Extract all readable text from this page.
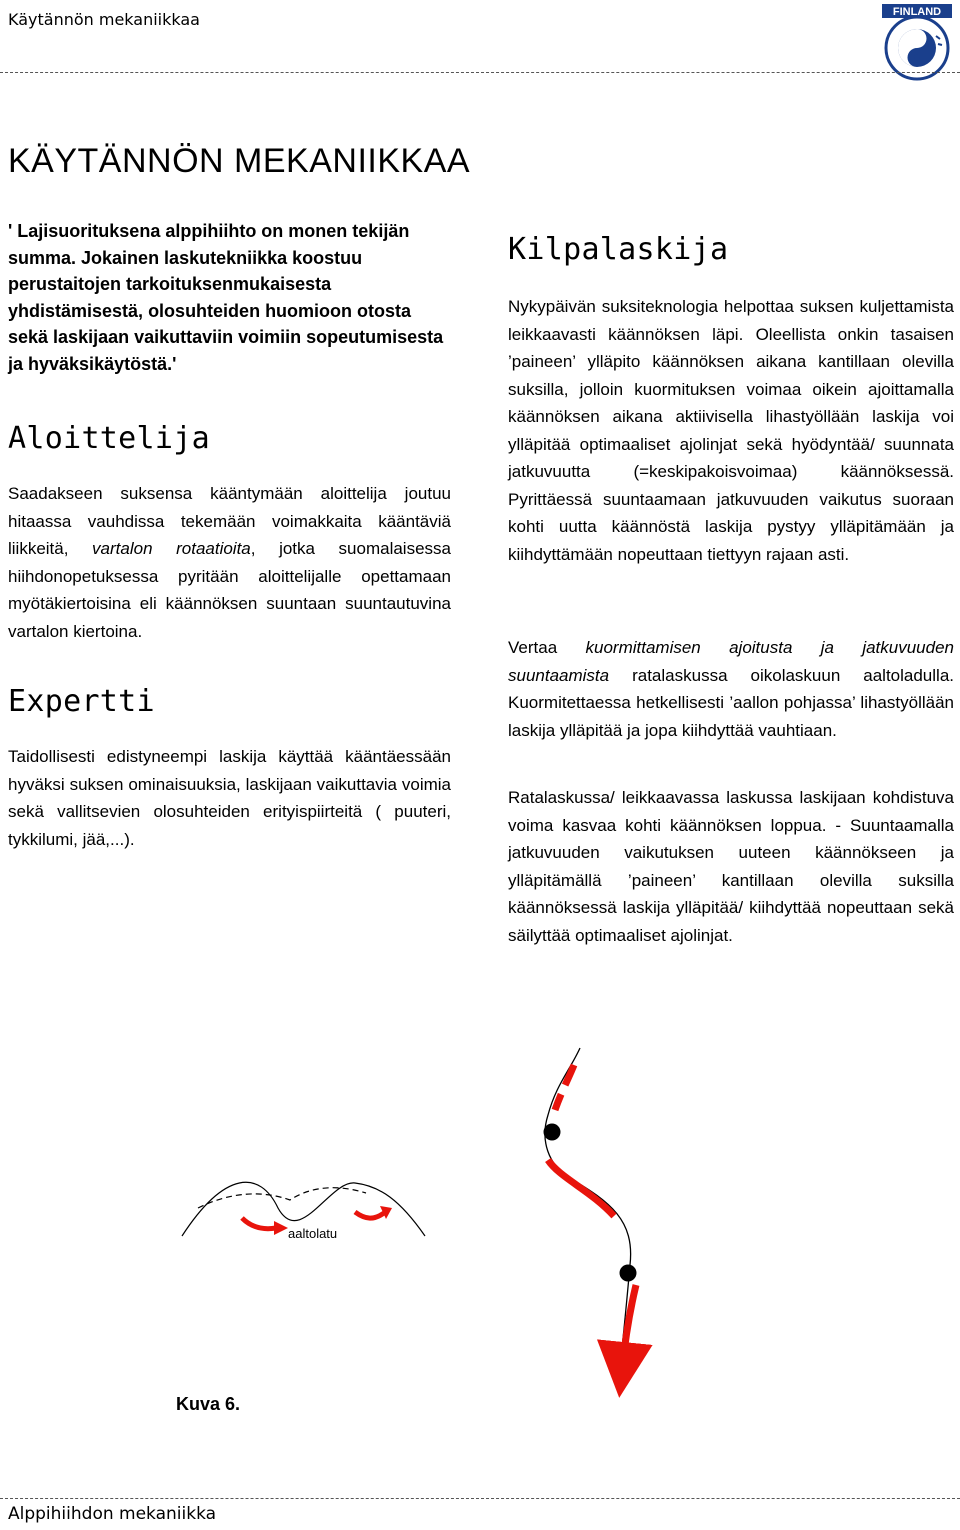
Käytännön mekaniikkaa	FINLAND
KÄYTÄNNÖN MEKANIIKKAA

' Lajisuorituksena alppihiihto on monen tekijän summa. Jokainen laskutekniikka koostuu perustaitojen tarkoituksenmukaisesta yhdistämisestä, olosuhteiden huomioon otosta sekä laskijaan vaikuttaviin voimiin sopeutumisesta ja hyväksikäytöstä.'

Aloittelija

Saadakseen suksensa kääntymään aloittelija joutuu hitaassa vauhdissa tekemään voimakkaita kääntäviä liikkeitä, vartalon rotaatioita, jotka suomalaisessa hiihdonopetuksessa pyritään aloittelijalle opettamaan myötäkiertoisina eli käännöksen suuntaan suuntautuvina vartalon kiertoina.

Expertti

Taidollisesti edistyneempi laskija käyttää kääntäessään hyväksi suksen ominaisuuksia, laskijaan vaikuttavia voimia sekä vallitsevien olosuhteiden erityispiirteitä ( puuteri, tykkilumi, jää,...).

Kilpalaskija

Nykypäivän suksiteknologia helpottaa suksen kuljettamista leikkaavasti käännöksen läpi. Oleellista onkin tasaisen ’paineen’ ylläpito käännöksen aikana kantillaan olevilla suksilla, jolloin kuormituksen voimaa oikein ajoittamalla käännöksen aikana aktiivisella lihastyöllään laskija voi ylläpitää optimaaliset ajolinjat sekä hyödyntää/ suunnata jatkuvuutta (=keskipakoisvoimaa) käännöksessä. Pyrittäessä suuntaamaan jatkuvuuden vaikutus suoraan kohti uutta käännöstä laskija pystyy ylläpitämään ja kiihdyttämään nopeuttaan tiettyyn rajaan asti.

Vertaa kuormittamisen ajoitusta ja jatkuvuuden suuntaamista ratalaskussa oikolaskuun aaltoladulla. Kuormitettaessa hetkellisesti ’aallon pohjassa’ lihastyöllään laskija ylläpitää ja jopa kiihdyttää vauhtiaan.

Ratalaskussa/ leikkaavassa laskussa laskijaan kohdistuva voima kasvaa kohti käännöksen loppua. - Suuntaamalla jatkuvuuden vaikutuksen uuteen käännökseen ja ylläpitämällä ’paineen’ kantillaan olevilla suksilla käännöksessä laskija ylläpitää/ kiihdyttää nopeuttaan sekä säilyttää optimaaliset ajolinjat.

aaltolatu
Kuva 6.
Alppihiihdon mekaniikka
